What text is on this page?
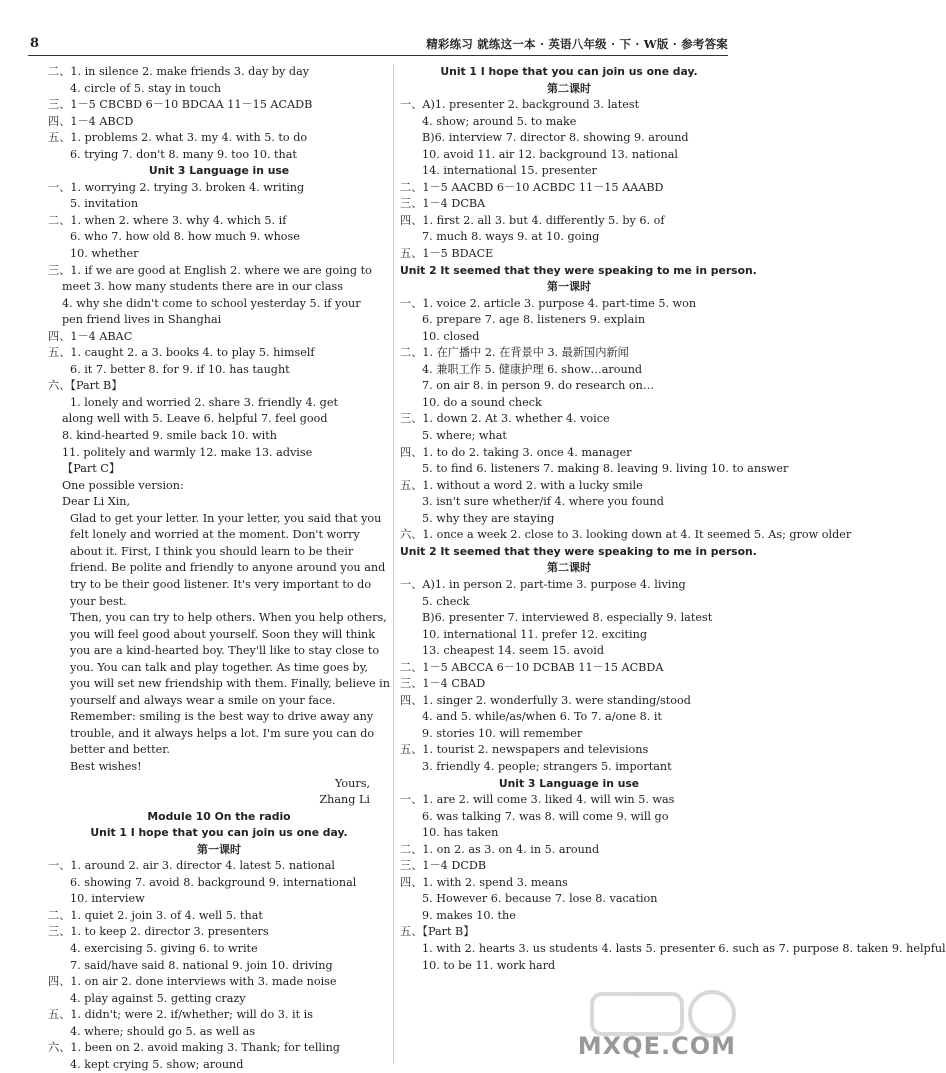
8	精彩练习 就练这一本 · 英语八年级 · 下 · W版 · 参考答案
二、1. in silence 2. make friends 3. day by day
4. circle of 5. stay in touch
三、1－5 CBCBD 6－10 BDCAA 11－15 ACADB
四、1－4 ABCD
五、1. problems 2. what 3. my 4. with 5. to do
6. trying 7. don't 8. many 9. too 10. that
Unit 3 Language in use
一、1. worrying 2. trying 3. broken 4. writing
5. invitation
二、1. when 2. where 3. why 4. which 5. if
6. who 7. how old 8. how much 9. whose
10. whether
三、1. if we are good at English 2. where we are going to
meet 3. how many students there are in our class
4. why she didn't come to school yesterday 5. if your
pen friend lives in Shanghai
四、1－4 ABAC
五、1. caught 2. a 3. books 4. to play 5. himself
6. it 7. better 8. for 9. if 10. has taught
六、【Part B】
1. lonely and worried 2. share 3. friendly 4. get
along well with 5. Leave 6. helpful 7. feel good
8. kind-hearted 9. smile back 10. with
11. politely and warmly 12. make 13. advise
【Part C】
One possible version:
Dear Li Xin,
Glad to get your letter. In your letter, you said that you felt lonely and worried at the moment. Don't worry about it. First, I think you should learn to be their friend. Be polite and friendly to anyone around you and try to be their good listener. It's very important to do your best.
Then, you can try to help others. When you help others, you will feel good about yourself. Soon they will think you are a kind-hearted boy. They'll like to stay close to you. You can talk and play together. As time goes by, you will set new friendship with them. Finally, believe in yourself and always wear a smile on your face. Remember: smiling is the best way to drive away any trouble, and it always helps a lot. I'm sure you can do better and better.
Best wishes!
Yours,
Zhang Li
Module 10 On the radio
Unit 1 I hope that you can join us one day.
第一课时
一、1. around 2. air 3. director 4. latest 5. national
6. showing 7. avoid 8. background 9. international
10. interview
二、1. quiet 2. join 3. of 4. well 5. that
三、1. to keep 2. director 3. presenters
4. exercising 5. giving 6. to write
7. said/have said 8. national 9. join 10. driving
四、1. on air 2. done interviews with 3. made noise
4. play against 5. getting crazy
五、1. didn't; were 2. if/whether; will do 3. it is
4. where; should go 5. as well as
六、1. been on 2. avoid making 3. Thank; for telling
4. kept crying 5. show; around
Unit 1 I hope that you can join us one day.
第二课时
一、A)1. presenter 2. background 3. latest
4. show; around 5. to make
B)6. interview 7. director 8. showing 9. around
10. avoid 11. air 12. background 13. national
14. international 15. presenter
二、1－5 AACBD 6－10 ACBDC 11－15 AAABD
三、1－4 DCBA
四、1. first 2. all 3. but 4. differently 5. by 6. of
7. much 8. ways 9. at 10. going
五、1－5 BDACE
Unit 2 It seemed that they were speaking to me in person.
第一课时
一、1. voice 2. article 3. purpose 4. part-time 5. won
6. prepare 7. age 8. listeners 9. explain
10. closed
二、1. 在广播中 2. 在背景中 3. 最新国内新闻
4. 兼职工作 5. 健康护理 6. show…around
7. on air 8. in person 9. do research on…
10. do a sound check
三、1. down 2. At 3. whether 4. voice
5. where; what
四、1. to do 2. taking 3. once 4. manager
5. to find 6. listeners 7. making 8. leaving 9. living 10. to answer
五、1. without a word 2. with a lucky smile
3. isn't sure whether/if 4. where you found
5. why they are staying
六、1. once a week 2. close to 3. looking down at 4. It seemed 5. As; grow older
Unit 2 It seemed that they were speaking to me in person.
第二课时
一、A)1. in person 2. part-time 3. purpose 4. living
5. check
B)6. presenter 7. interviewed 8. especially 9. latest
10. international 11. prefer 12. exciting
13. cheapest 14. seem 15. avoid
二、1－5 ABCCA 6－10 DCBAB 11－15 ACBDA
三、1－4 CBAD
四、1. singer 2. wonderfully 3. were standing/stood
4. and 5. while/as/when 6. To 7. a/one 8. it
9. stories 10. will remember
五、1. tourist 2. newspapers and televisions
3. friendly 4. people; strangers 5. important
Unit 3 Language in use
一、1. are 2. will come 3. liked 4. will win 5. was
6. was talking 7. was 8. will come 9. will go
10. has taken
二、1. on 2. as 3. on 4. in 5. around
三、1－4 DCDB
四、1. with 2. spend 3. means
5. However 6. because 7. lose 8. vacation
9. makes 10. the
五、【Part B】
1. with 2. hearts 3. us students 4. lasts 5. presenter 6. such as 7. purpose 8. taken 9. helpful
10. to be 11. work hard
MXQE.COM
